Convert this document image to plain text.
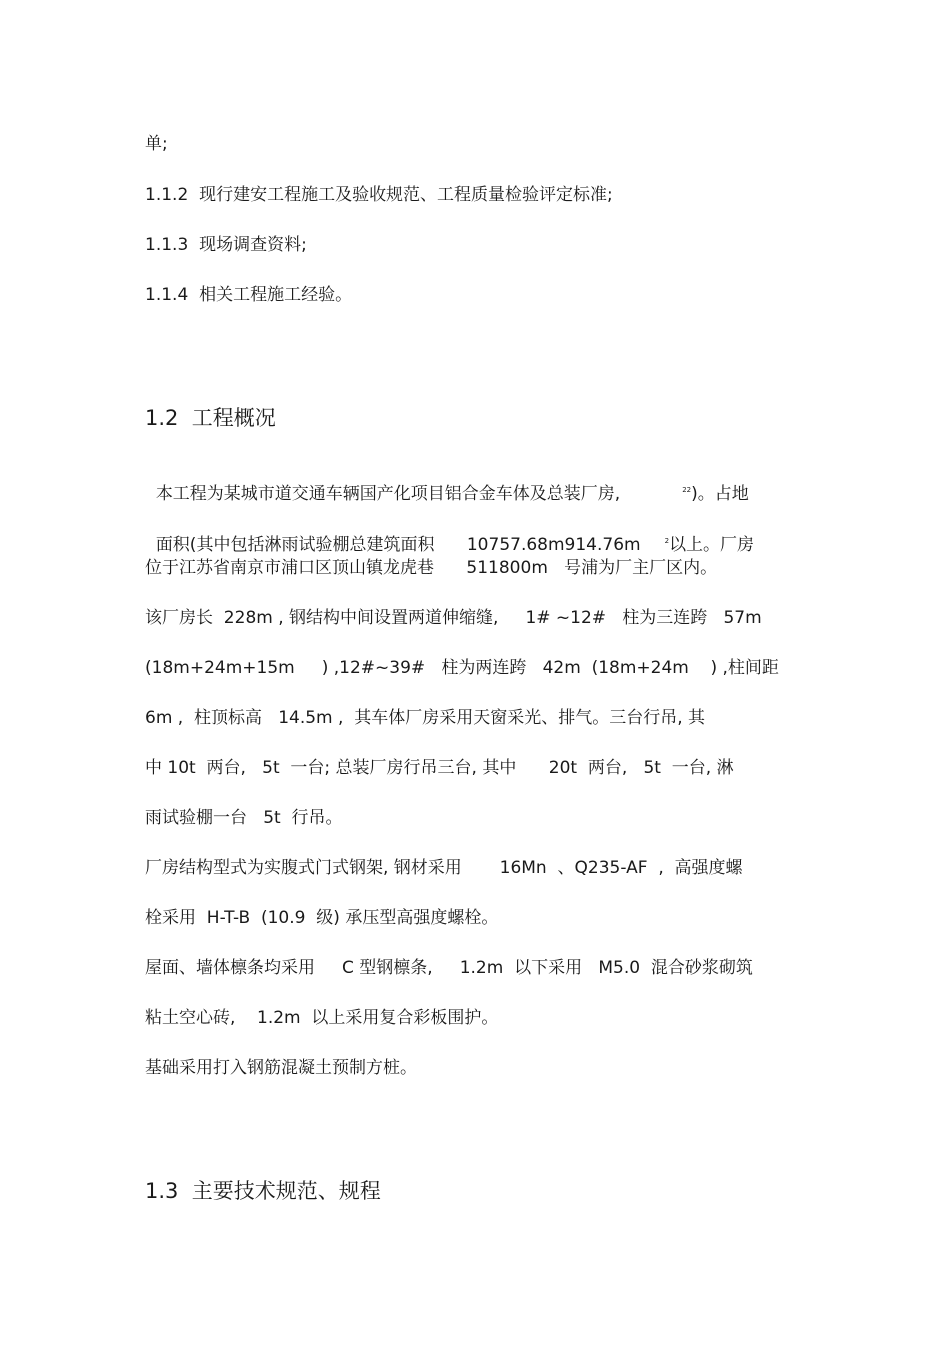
单;
1.1.2  现行建安工程施工及验收规范、工程质量检验评定标准;
1.1.3  现场调查资料;
1.1.4  相关工程施工经验。
1.2  工程概况

本工程为某城市道交通车辆国产化项目铝合金车体及总装厂房,	$^{22}$)。占地

面积(其中包括淋雨试验棚总建筑面积      10757.68m914.76m	$^2$以上。厂房

位于江苏省南京市浦口区顶山镇龙虎巷      511800m   号浦为厂主厂区内。
该厂房长  228m , 钢结构中间设置两道伸缩缝,     1# ~12#   柱为三连跨   57m
(18m+24m+15m     ) ,12#~39#   柱为两连跨   42m  (18m+24m    ) ,柱间距
6m ,  柱顶标高   14.5m ,  其车体厂房采用天窗采光、排气。三台行吊, 其
中 10t  两台,   5t  一台; 总装厂房行吊三台, 其中      20t  两台,   5t  一台, 淋
雨试验棚一台   5t  行吊。
厂房结构型式为实腹式门式钢架, 钢材采用       16Mn  、Q235-AF  ,  高强度螺
栓采用  H-T-B  (10.9  级) 承压型高强度螺栓。
屋面、墙体檩条均采用     C 型钢檩条,     1.2m  以下采用   M5.0  混合砂浆砌筑
粘土空心砖,    1.2m  以上采用复合彩板围护。
基础采用打入钢筋混凝土预制方桩。
1.3  主要技术规范、规程
